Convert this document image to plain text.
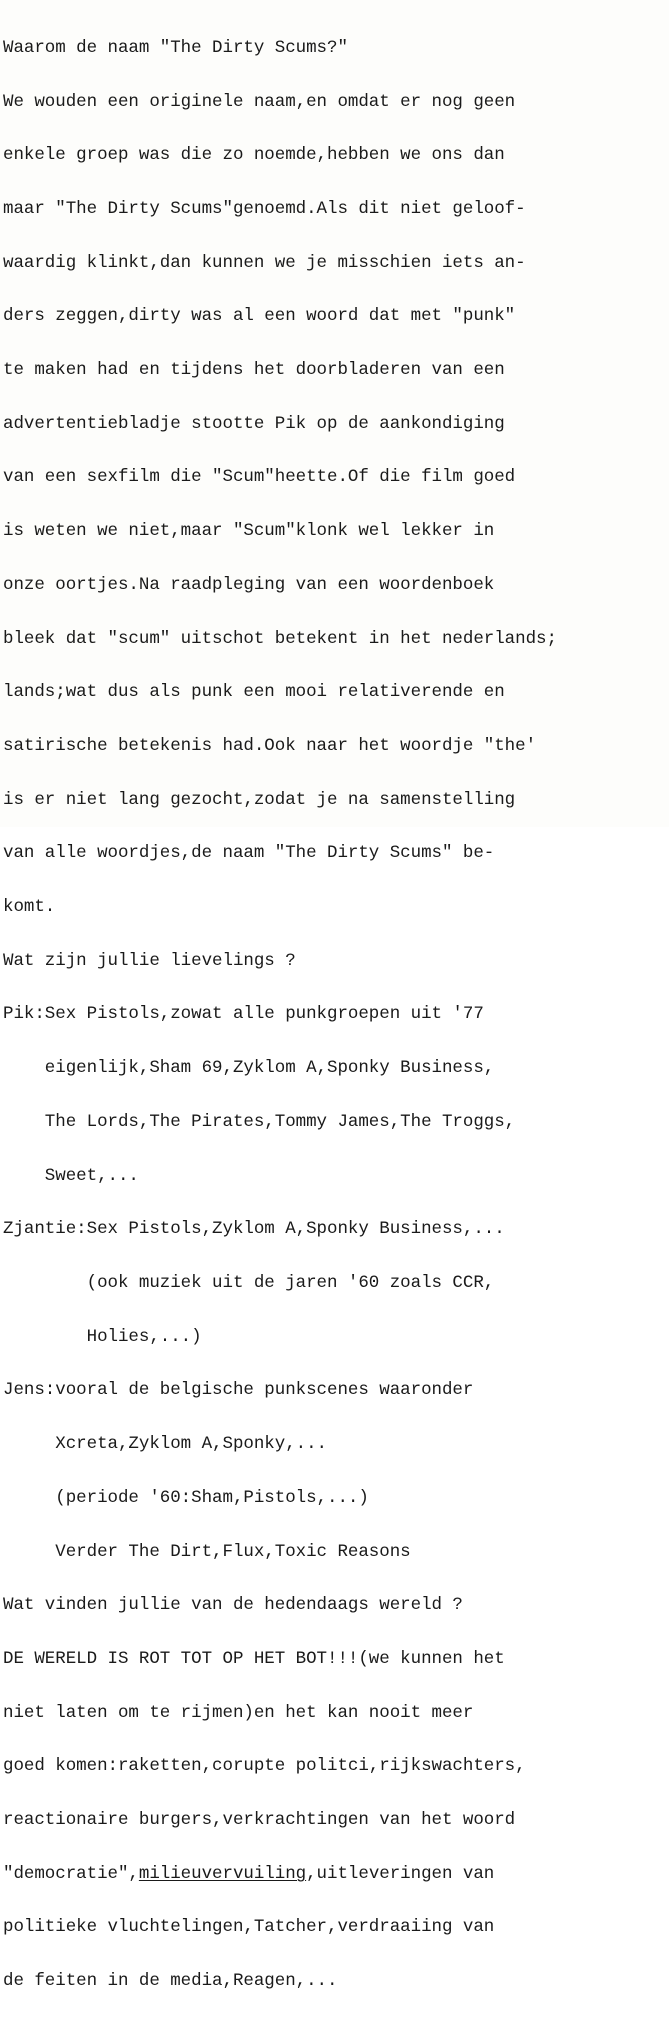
Waarom de naam "The Dirty Scums?"

We wouden een originele naam,en omdat er nog geen

enkele groep was die zo noemde,hebben we ons dan

maar "The Dirty Scums"genoemd.Als dit niet geloof-

waardig klinkt,dan kunnen we je misschien iets an-

ders zeggen,dirty was al een woord dat met "punk"

te maken had en tijdens het doorbladeren van een

advertentiebladje stootte Pik op de aankondiging

van een sexfilm die "Scum"heette.Of die film goed

is weten we niet,maar "Scum"klonk wel lekker in

onze oortjes.Na raadpleging van een woordenboek

bleek dat "scum" uitschot betekent in het nederlands;

lands;wat dus als punk een mooi relativerende en

satirische betekenis had.Ook naar het woordje "the'

is er niet lang gezocht,zodat je na samenstelling

van alle woordjes,de naam "The Dirty Scums" be-

komt.

Wat zijn jullie lievelings ?

Pik:Sex Pistols,zowat alle punkgroepen uit '77

eigenlijk,Sham 69,Zyklom A,Sponky Business,

The Lords,The Pirates,Tommy James,The Troggs,

Sweet,...

Zjantie:Sex Pistols,Zyklom A,Sponky Business,...

(ook muziek uit de jaren '60 zoals CCR,

Holies,...)

Jens:vooral de belgische punkscenes waaronder

Xcreta,Zyklom A,Sponky,...

(periode '60:Sham,Pistols,...)

Verder The Dirt,Flux,Toxic Reasons

Wat vinden jullie van de hedendaags wereld ?

DE WERELD IS ROT TOT OP HET BOT!!!(we kunnen het

niet laten om te rijmen)en het kan nooit meer

goed komen:raketten,corupte politci,rijkswachters,

reactionaire burgers,verkrachtingen van het woord

"democratie",milieuvervuiling,uitleveringen van

politieke vluchtelingen,Tatcher,verdraaiing van

de feiten in de media,Reagen,...
